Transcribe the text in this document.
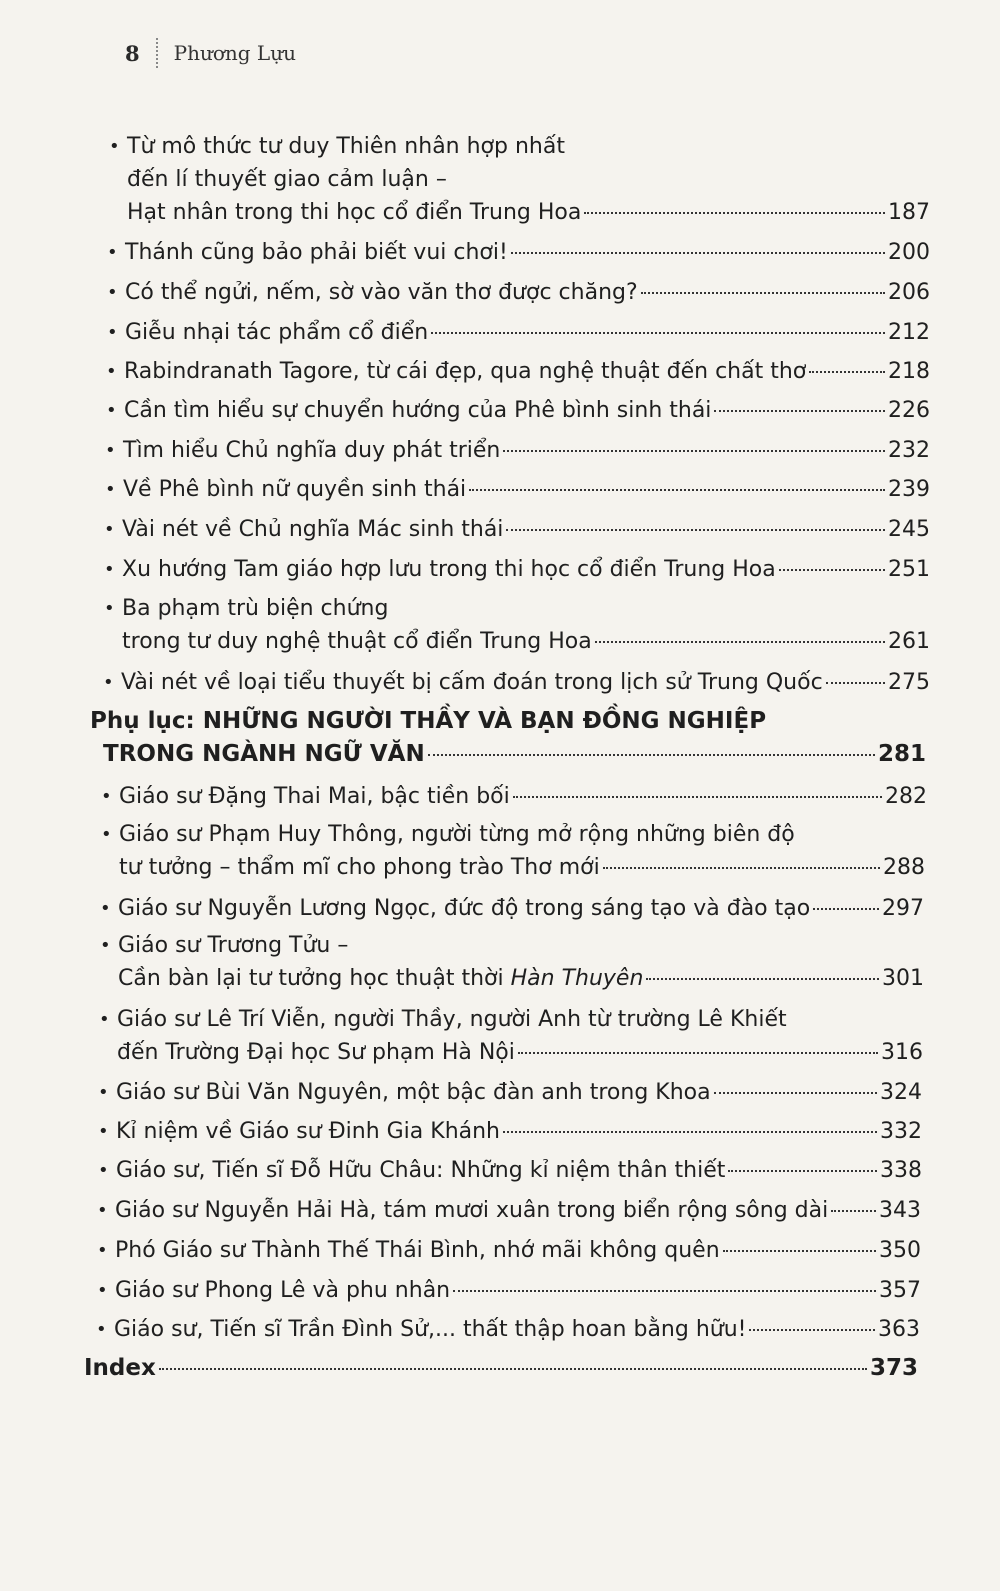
8 Phương Lựu
• Từ mô thức tư duy Thiên nhân hợp nhất
đến lí thuyết giao cảm luận –
Hạt nhân trong thi học cổ điển Trung Hoa	187
• Thánh cũng bảo phải biết vui chơi!	200
• Có thể ngửi, nếm, sờ vào văn thơ được chăng?	206
• Giễu nhại tác phẩm cổ điển	212
• Rabindranath Tagore, từ cái đẹp, qua nghệ thuật đến chất thơ	218
• Cần tìm hiểu sự chuyển hướng của Phê bình sinh thái	226
• Tìm hiểu Chủ nghĩa duy phát triển	232
• Về Phê bình nữ quyền sinh thái	239
• Vài nét về Chủ nghĩa Mác sinh thái	245
• Xu hướng Tam giáo hợp lưu trong thi học cổ điển Trung Hoa	251
• Ba phạm trù biện chứng
trong tư duy nghệ thuật cổ điển Trung Hoa	261
• Vài nét về loại tiểu thuyết bị cấm đoán trong lịch sử Trung Quốc	275
Phụ lục: NHỮNG NGƯỜI THẦY VÀ BẠN ĐỒNG NGHIỆP
TRONG NGÀNH NGỮ VĂN	281
• Giáo sư Đặng Thai Mai, bậc tiền bối	282
• Giáo sư Phạm Huy Thông, người từng mở rộng những biên độ
tư tưởng – thẩm mĩ cho phong trào Thơ mới	288
• Giáo sư Nguyễn Lương Ngọc, đức độ trong sáng tạo và đào tạo	297
• Giáo sư Trương Tửu –
Cần bàn lại tư tưởng học thuật thời Hàn Thuyên	301
• Giáo sư Lê Trí Viễn, người Thầy, người Anh từ trường Lê Khiết
đến Trường Đại học Sư phạm Hà Nội	316
• Giáo sư Bùi Văn Nguyên, một bậc đàn anh trong Khoa	324
• Kỉ niệm về Giáo sư Đinh Gia Khánh	332
• Giáo sư, Tiến sĩ Đỗ Hữu Châu: Những kỉ niệm thân thiết	338
• Giáo sư Nguyễn Hải Hà, tám mươi xuân trong biển rộng sông dài 343
• Phó Giáo sư Thành Thế Thái Bình, nhớ mãi không quên	350
• Giáo sư Phong Lê và phu nhân	357
• Giáo sư, Tiến sĩ Trần Đình Sử,... thất thập hoan bằng hữu!	363
Index	373
